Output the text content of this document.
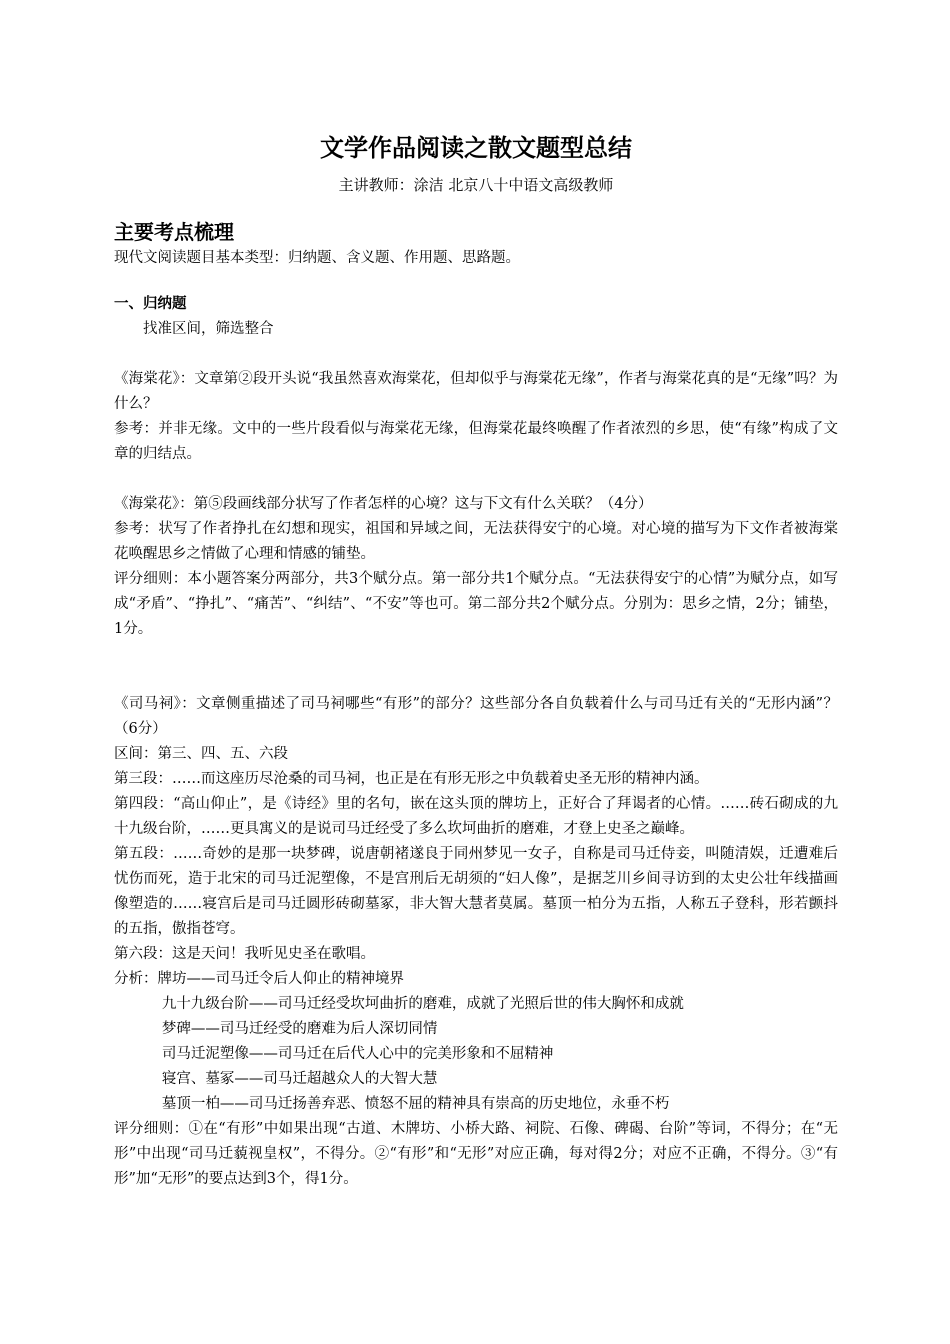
文学作品阅读之散文题型总结
主讲教师：涂洁 北京八十中语文高级教师
主要考点梳理

现代文阅读题目基本类型：归纳题、含义题、作用题、思路题。

一、归纳题

找准区间，筛选整合

《海棠花》：文章第②段开头说“我虽然喜欢海棠花，但却似乎与海棠花无缘”，作者与海棠花真的是“无缘”吗？为什么？

参考：并非无缘。文中的一些片段看似与海棠花无缘，但海棠花最终唤醒了作者浓烈的乡思，使“有缘”构成了文章的归结点。

《海棠花》：第⑤段画线部分状写了作者怎样的心境？这与下文有什么关联？（4分）

参考：状写了作者挣扎在幻想和现实，祖国和异域之间，无法获得安宁的心境。对心境的描写为下文作者被海棠花唤醒思乡之情做了心理和情感的铺垫。

评分细则：本小题答案分两部分，共3个赋分点。第一部分共1个赋分点。“无法获得安宁的心情”为赋分点，如写成“矛盾”、“挣扎”、“痛苦”、“纠结”、“不安”等也可。第二部分共2个赋分点。分别为：思乡之情，2分；铺垫，1分。

《司马祠》：文章侧重描述了司马祠哪些“有形”的部分？这些部分各自负载着什么与司马迁有关的“无形内涵”？（6分）

区间：第三、四、五、六段

第三段：……而这座历尽沧桑的司马祠，也正是在有形无形之中负载着史圣无形的精神内涵。

第四段：“高山仰止”，是《诗经》里的名句，嵌在这头顶的牌坊上，正好合了拜谒者的心情。……砖石砌成的九十九级台阶，……更具寓义的是说司马迁经受了多么坎坷曲折的磨难，才登上史圣之巅峰。

第五段：……奇妙的是那一块梦碑，说唐朝褚遂良于同州梦见一女子，自称是司马迁侍妾，叫随清娱，迁遭难后忧伤而死，造于北宋的司马迁泥塑像，不是宫刑后无胡须的“妇人像”，是据芝川乡间寻访到的太史公壮年线描画像塑造的……寝宫后是司马迁圆形砖砌墓冢，非大智大慧者莫属。墓顶一柏分为五指，人称五子登科，形若颤抖的五指，傲指苍穹。

第六段：这是天问！我听见史圣在歌唱。

分析：牌坊——司马迁令后人仰止的精神境界

九十九级台阶——司马迁经受坎坷曲折的磨难，成就了光照后世的伟大胸怀和成就

梦碑——司马迁经受的磨难为后人深切同情

司马迁泥塑像——司马迁在后代人心中的完美形象和不屈精神

寝宫、墓冢——司马迁超越众人的大智大慧

墓顶一柏——司马迁扬善弃恶、愤怒不屈的精神具有崇高的历史地位，永垂不朽

评分细则：①在“有形”中如果出现“古道、木牌坊、小桥大路、祠院、石像、碑碣、台阶”等词，不得分；在“无形”中出现“司马迁藐视皇权”，不得分。②“有形”和“无形”对应正确，每对得2分；对应不正确，不得分。③“有形”加“无形”的要点达到3个，得1分。
